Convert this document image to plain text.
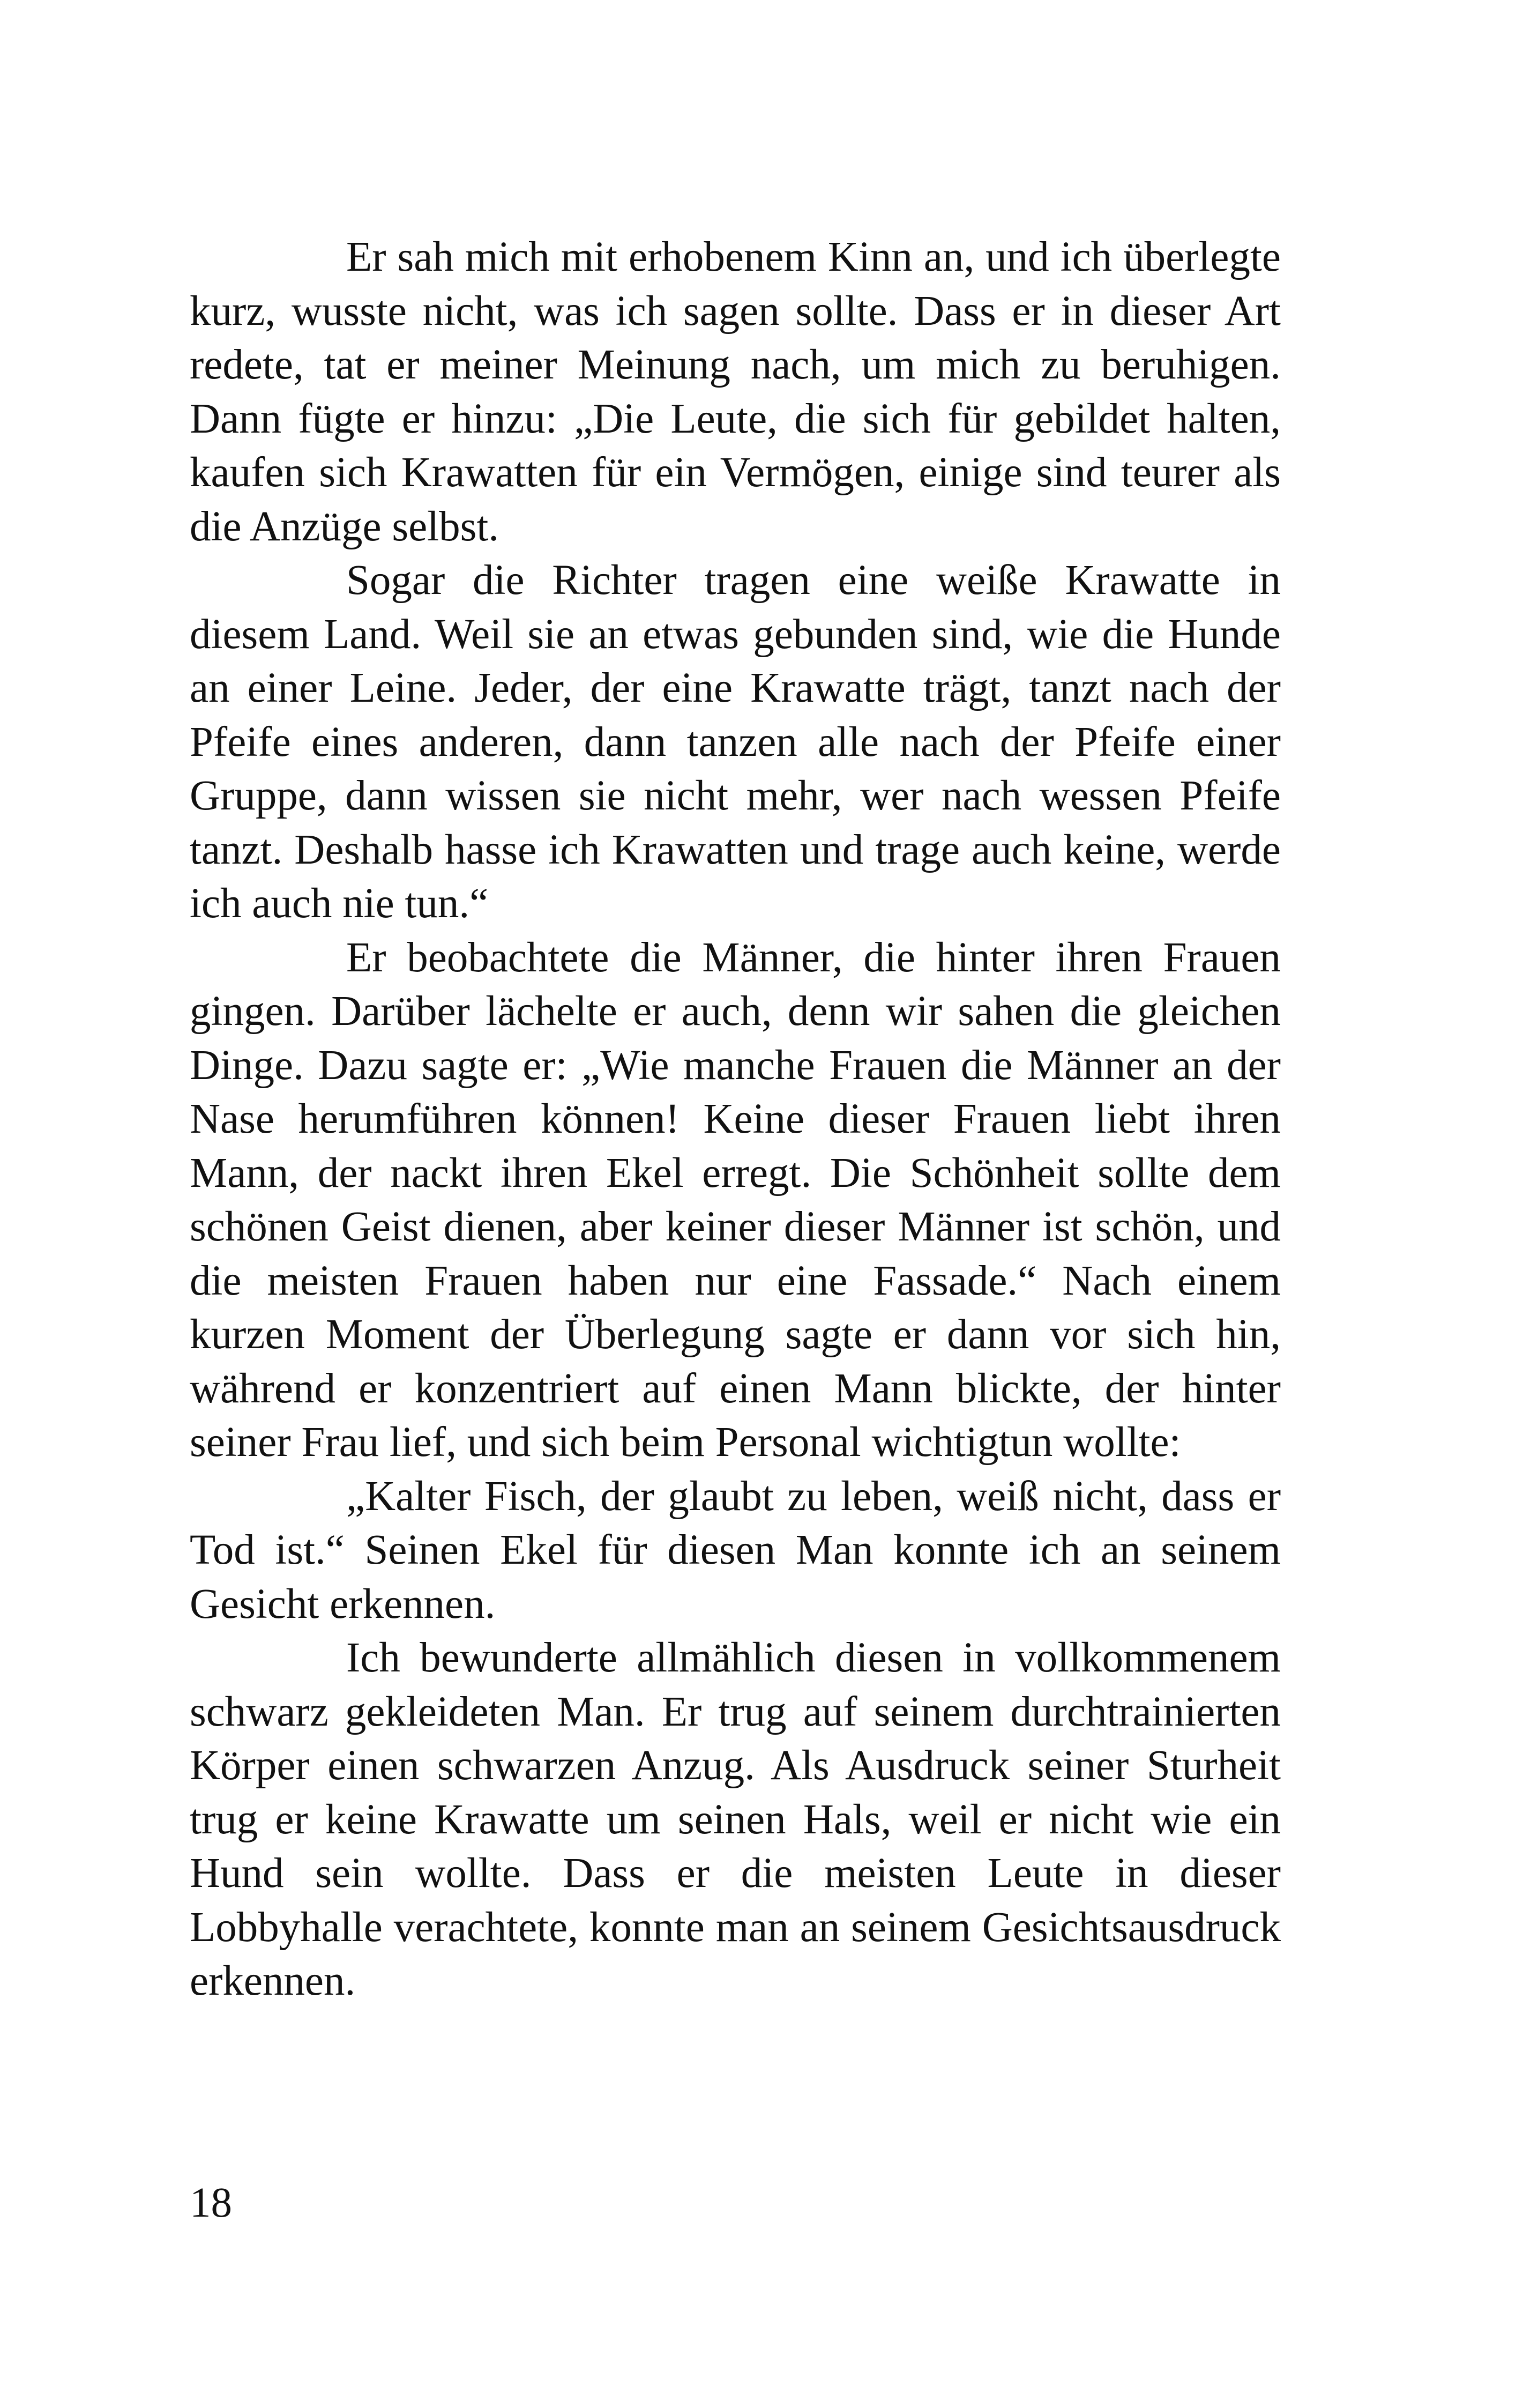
Er sah mich mit erhobenem Kinn an, und ich überlegte kurz, wusste nicht, was ich sagen sollte. Dass er in dieser Art redete, tat er meiner Meinung nach, um mich zu beruhigen. Dann fügte er hinzu: „Die Leute, die sich für gebildet halten, kaufen sich Krawatten für ein Vermögen, einige sind teurer als die Anzüge selbst.

Sogar die Richter tragen eine weiße Krawatte in diesem Land. Weil sie an etwas gebunden sind, wie die Hunde an einer Leine. Jeder, der eine Krawatte trägt, tanzt nach der Pfeife eines anderen, dann tanzen alle nach der Pfeife einer Gruppe, dann wissen sie nicht mehr, wer nach wessen Pfeife tanzt. Deshalb hasse ich Krawatten und trage auch keine, werde ich auch nie tun.“

Er beobachtete die Männer, die hinter ihren Frauen gingen. Darüber lächelte er auch, denn wir sahen die gleichen Dinge. Dazu sagte er: „Wie manche Frauen die Männer an der Nase herumführen können! Keine dieser Frauen liebt ihren Mann, der nackt ihren Ekel erregt. Die Schönheit sollte dem schönen Geist dienen, aber keiner dieser Männer ist schön, und die meisten Frauen haben nur eine Fassade.“ Nach einem kurzen Moment der Überlegung sagte er dann vor sich hin, während er konzentriert auf einen Mann blickte, der hinter seiner Frau lief, und sich beim Personal wichtigtun wollte:

„Kalter Fisch, der glaubt zu leben, weiß nicht, dass er Tod ist.“ Seinen Ekel für diesen Man konnte ich an seinem Gesicht erkennen.

Ich bewunderte allmählich diesen in vollkommenem schwarz gekleideten Man. Er trug auf seinem durchtrainierten Körper einen schwarzen Anzug. Als Ausdruck seiner Sturheit trug er keine Krawatte um seinen Hals, weil er nicht wie ein Hund sein wollte. Dass er die meisten Leute in dieser Lobbyhalle verachtete, konnte man an seinem Gesichtsausdruck erkennen.

18
